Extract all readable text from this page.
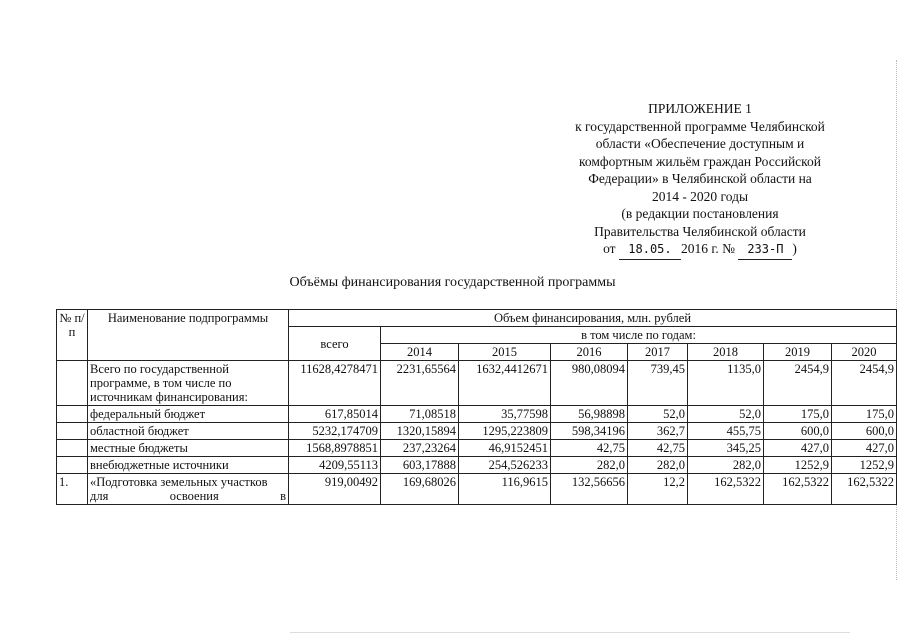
ПРИЛОЖЕНИЕ 1
к государственной программе Челябинской
области «Обеспечение доступным и
комфортным жильём граждан Российской
Федерации» в Челябинской области на
2014 - 2020 годы
(в редакции постановления
Правительства Челябинской области
от 18.05. 2016 г. № 233-П )
Объёмы финансирования государственной программы
№ п/п	Наименование подпрограммы	Объем финансирования, млн. рублей							
		всего	в том числе по годам:						
			2014	2015	2016	2017	2018	2019	2020
	Всего по государственной программе, в том числе по источникам финансирования:	11628,4278471	2231,65564	1632,4412671	980,08094	739,45	1135,0	2454,9	2454,9
	федеральный бюджет	617,85014	71,08518	35,77598	56,98898	52,0	52,0	175,0	175,0
	областной бюджет	5232,174709	1320,15894	1295,223809	598,34196	362,7	455,75	600,0	600,0
	местные бюджеты	1568,8978851	237,23264	46,9152451	42,75	42,75	345,25	427,0	427,0
	внебюджетные источники	4209,55113	603,17888	254,526233	282,0	282,0	282,0	1252,9	1252,9
1.	«Подготовка земельных участков для освоения в	919,00492	169,68026	116,9615	132,56656	12,2	162,5322	162,5322	162,5322
